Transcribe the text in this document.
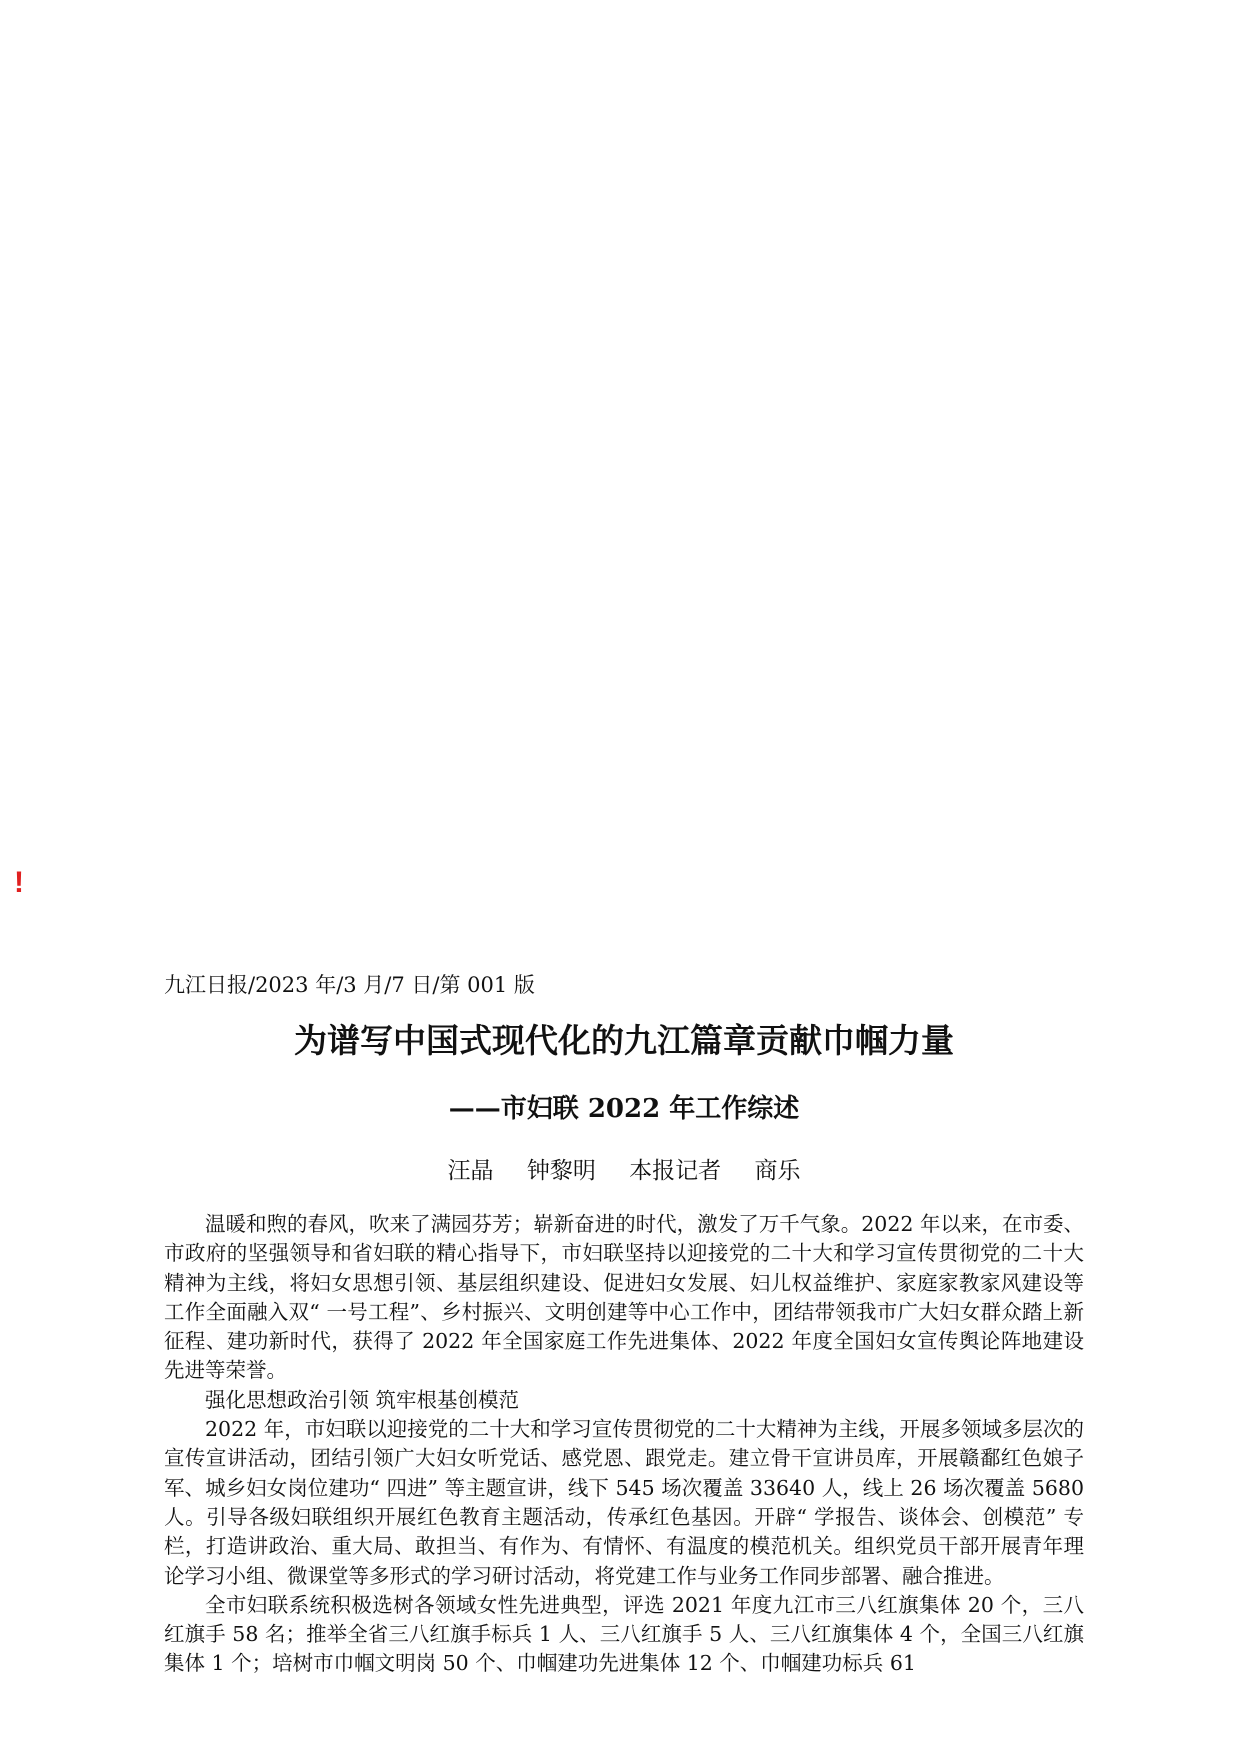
!
九江日报/2023 年/3 月/7 日/第 001 版
为谱写中国式现代化的九江篇章贡献巾帼力量
——市妇联 2022 年工作综述
汪晶 钟黎明 本报记者 商乐

温暖和煦的春风，吹来了满园芬芳；崭新奋进的时代，激发了万千气象。2022 年以来，在市委、市政府的坚强领导和省妇联的精心指导下，市妇联坚持以迎接党的二十大和学习宣传贯彻党的二十大精神为主线，将妇女思想引领、基层组织建设、促进妇女发展、妇儿权益维护、家庭家教家风建设等工作全面融入双“ 一号工程”、乡村振兴、文明创建等中心工作中，团结带领我市广大妇女群众踏上新征程、建功新时代，获得了 2022 年全国家庭工作先进集体、2022 年度全国妇女宣传舆论阵地建设先进等荣誉。

强化思想政治引领 筑牢根基创模范

2022 年，市妇联以迎接党的二十大和学习宣传贯彻党的二十大精神为主线，开展多领域多层次的宣传宣讲活动，团结引领广大妇女听党话、感党恩、跟党走。建立骨干宣讲员库，开展赣鄱红色娘子军、城乡妇女岗位建功“ 四进” 等主题宣讲，线下 545 场次覆盖 33640 人，线上 26 场次覆盖 5680 人。引导各级妇联组织开展红色教育主题活动，传承红色基因。开辟“ 学报告、谈体会、创模范” 专栏，打造讲政治、重大局、敢担当、有作为、有情怀、有温度的模范机关。组织党员干部开展青年理论学习小组、微课堂等多形式的学习研讨活动，将党建工作与业务工作同步部署、融合推进。

全市妇联系统积极选树各领域女性先进典型，评选 2021 年度九江市三八红旗集体 20 个，三八红旗手 58 名；推举全省三八红旗手标兵 1 人、三八红旗手 5 人、三八红旗集体 4 个，全国三八红旗集体 1 个；培树市巾帼文明岗 50 个、巾帼建功先进集体 12 个、巾帼建功标兵 61
